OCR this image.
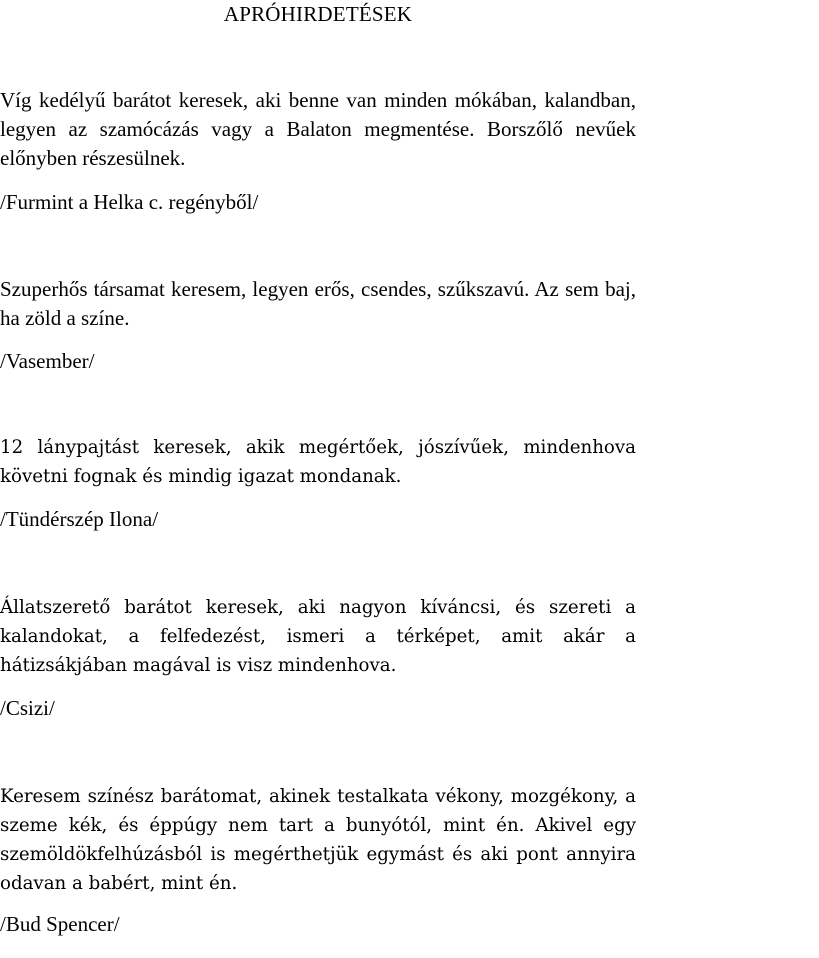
APRÓHIRDETÉSEK

Víg kedélyű barátot keresek, aki benne van minden mókában, kalandban, legyen az szamócázás vagy a Balaton megmentése. Borszőlő nevűek előnyben részesülnek.

/Furmint a Helka c. regényből/

Szuperhős társamat keresem, legyen erős, csendes, szűkszavú. Az sem baj, ha zöld a színe.

/Vasember/

12 lánypajtást keresek, akik megértőek, jószívűek, mindenhova követni fognak és mindig igazat mondanak.

/Tündérszép Ilona/

Állatszerető barátot keresek, aki nagyon kíváncsi, és szereti a kalandokat, a felfedezést, ismeri a térképet, amit akár a hátizsákjában magával is visz mindenhova.

/Csizi/

Keresem színész barátomat, akinek testalkata vékony, mozgékony, a szeme kék, és éppúgy nem tart a bunyótól, mint én. Akivel egy szemöldökfelhúzásból is megérthetjük egymást és aki pont annyira odavan a babért, mint én.

/Bud Spencer/
